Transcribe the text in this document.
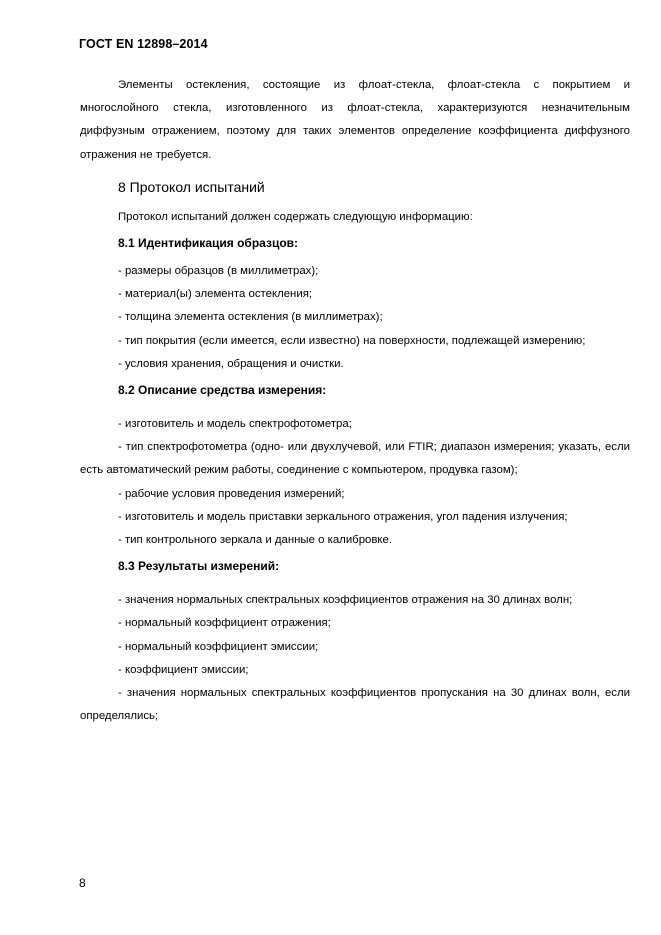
ГОСТ EN 12898–2014

Элементы остекления, состоящие из флоат-стекла, флоат-стекла с покрытием и многослойного стекла, изготовленного из флоат-стекла, характеризуются незначительным диффузным отражением, поэтому для таких элементов определение коэффициента диффузного отражения не требуется.

8 Протокол испытаний

Протокол испытаний должен содержать следующую информацию:

8.1 Идентификация образцов:

- размеры образцов (в миллиметрах);

- материал(ы) элемента остекления;

- толщина элемента остекления (в миллиметрах);

- тип покрытия (если имеется, если известно) на поверхности, подлежащей измерению;

- условия хранения, обращения и очистки.

8.2 Описание средства измерения:

- изготовитель и модель спектрофотометра;

- тип спектрофотометра (одно- или двухлучевой, или FTIR; диапазон измерения; указать, если есть автоматический режим работы, соединение с компьютером, продувка газом);

- рабочие условия проведения измерений;

- изготовитель и модель приставки зеркального отражения, угол падения излучения;

- тип контрольного зеркала и данные о калибровке.

8.3 Результаты измерений:

- значения нормальных спектральных коэффициентов отражения на 30 длинах волн;

- нормальный коэффициент отражения;

- нормальный коэффициент эмиссии;

- коэффициент эмиссии;

- значения нормальных спектральных коэффициентов пропускания на 30 длинах волн, если определялись;

8
